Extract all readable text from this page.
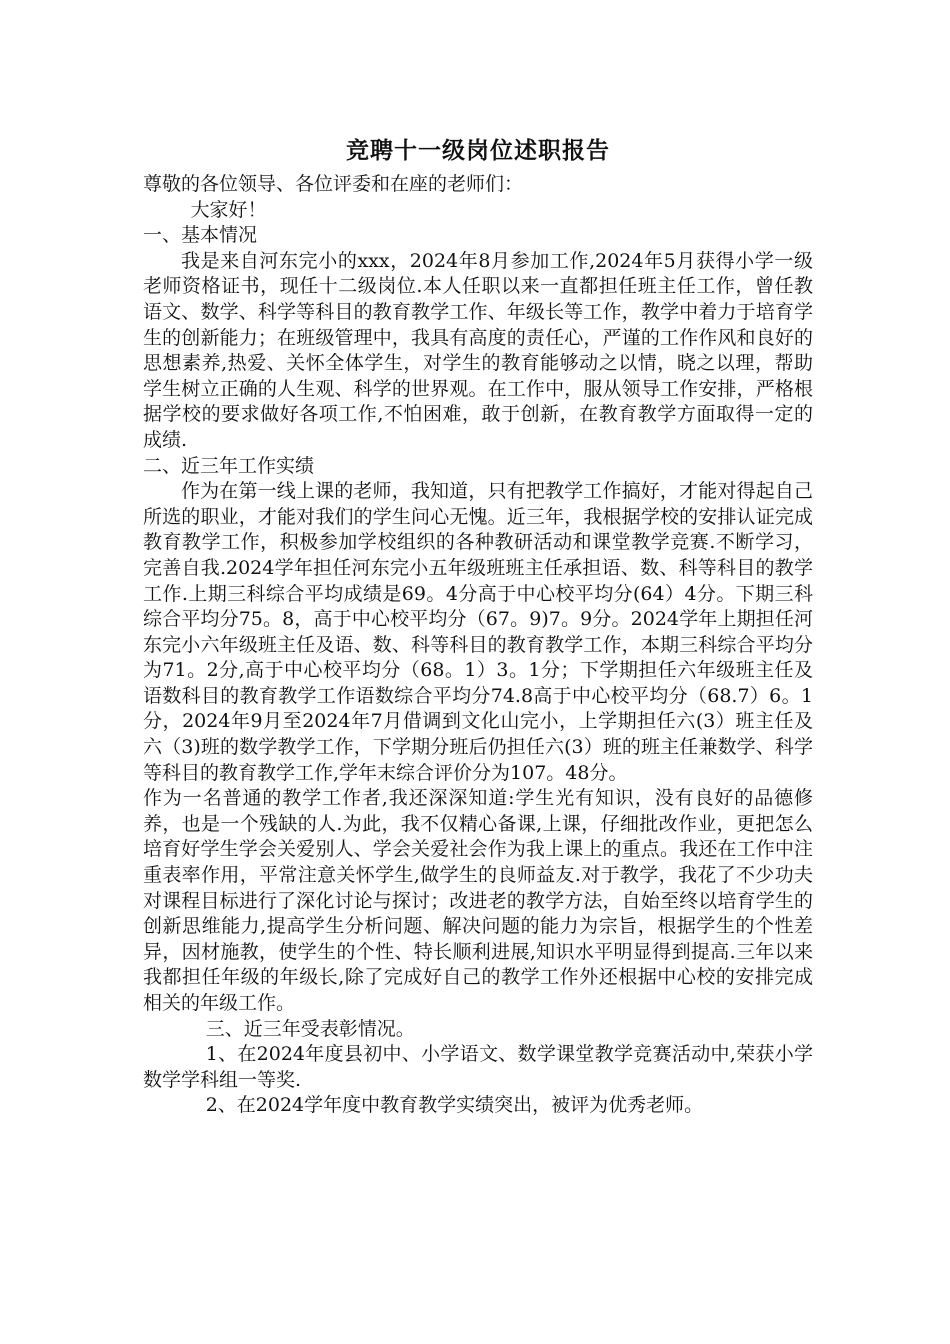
竞聘十一级岗位述职报告

尊敬的各位领导、各位评委和在座的老师们：

大家好！

一、基本情况

我是来自河东完小的xxx，2024年8月参加工作,2024年5月获得小学一级老师资格证书，现任十二级岗位.本人任职以来一直都担任班主任工作，曾任教语文、数学、科学等科目的教育教学工作、年级长等工作，教学中着力于培育学生的创新能力；在班级管理中，我具有高度的责任心，严谨的工作作风和良好的思想素养,热爱、关怀全体学生，对学生的教育能够动之以情，晓之以理，帮助学生树立正确的人生观、科学的世界观。在工作中，服从领导工作安排，严格根据学校的要求做好各项工作,不怕困难，敢于创新，在教育教学方面取得一定的成绩.

二、近三年工作实绩

作为在第一线上课的老师，我知道，只有把教学工作搞好，才能对得起自己所选的职业，才能对我们的学生问心无愧。近三年，我根据学校的安排认证完成教育教学工作，积极参加学校组织的各种教研活动和课堂教学竞赛.不断学习，完善自我.2024学年担任河东完小五年级班班主任承担语、数、科等科目的教学工作.上期三科综合平均成绩是69。4分高于中心校平均分(64）4分。下期三科综合平均分75。8，高于中心校平均分（67。9)7。9分。2024学年上期担任河东完小六年级班主任及语、数、科等科目的教育教学工作，本期三科综合平均分为71。2分,高于中心校平均分（68。1）3。1分；下学期担任六年级班主任及语数科目的教育教学工作语数综合平均分74.8高于中心校平均分（68.7）6。1分，2024年9月至2024年7月借调到文化山完小，上学期担任六(3）班主任及六（3)班的数学教学工作，下学期分班后仍担任六(3）班的班主任兼数学、科学等科目的教育教学工作,学年末综合评价分为107。48分。

作为一名普通的教学工作者,我还深深知道:学生光有知识，没有良好的品德修养，也是一个残缺的人.为此，我不仅精心备课,上课，仔细批改作业，更把怎么培育好学生学会关爱别人、学会关爱社会作为我上课上的重点。我还在工作中注重表率作用，平常注意关怀学生,做学生的良师益友.对于教学，我花了不少功夫对课程目标进行了深化讨论与探讨；改进老的教学方法，自始至终以培育学生的创新思维能力,提高学生分析问题、解决问题的能力为宗旨，根据学生的个性差异，因材施教，使学生的个性、特长顺利进展,知识水平明显得到提高.三年以来我都担任年级的年级长,除了完成好自己的教学工作外还根据中心校的安排完成相关的年级工作。

三、近三年受表彰情况。

1、在2024年度县初中、小学语文、数学课堂教学竞赛活动中,荣获小学数学学科组一等奖.

2、在2024学年度中教育教学实绩突出，被评为优秀老师。
